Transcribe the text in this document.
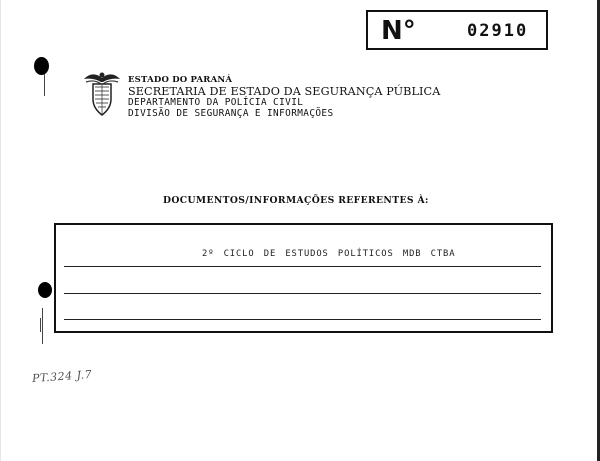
N°	02910
ESTADO DO PARANÁ
SECRETARIA DE ESTADO DA SEGURANÇA PÚBLICA
DEPARTAMENTO DA POLÍCIA CIVIL
DIVISÃO DE SEGURANÇA E INFORMAÇÕES
DOCUMENTOS/INFORMAÇÕES REFERENTES À:
2º CICLO DE ESTUDOS POLÍTICOS MDB CTBA
PT.324 J.7
